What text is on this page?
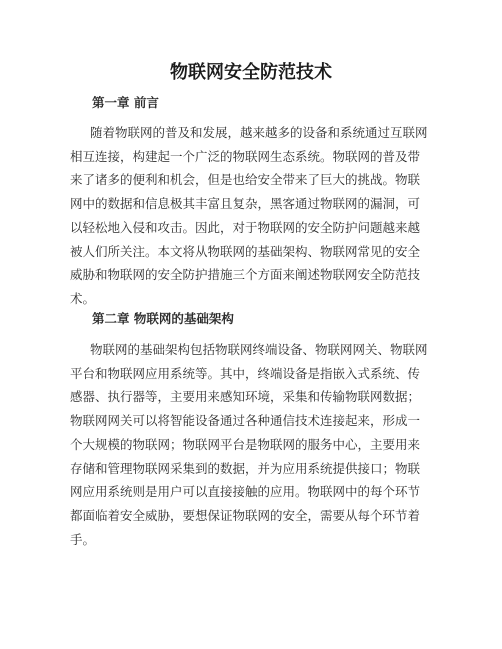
物联网安全防范技术
第一章 前言

随着物联网的普及和发展，越来越多的设备和系统通过互联网
相互连接，构建起一个广泛的物联网生态系统。物联网的普及带
来了诸多的便利和机会，但是也给安全带来了巨大的挑战。物联
网中的数据和信息极其丰富且复杂，黑客通过物联网的漏洞，可
以轻松地入侵和攻击。因此，对于物联网的安全防护问题越来越
被人们所关注。本文将从物联网的基础架构、物联网常见的安全
威胁和物联网的安全防护措施三个方面来阐述物联网安全防范技
术。

第二章 物联网的基础架构

物联网的基础架构包括物联网终端设备、物联网网关、物联网
平台和物联网应用系统等。其中，终端设备是指嵌入式系统、传
感器、执行器等，主要用来感知环境，采集和传输物联网数据；
物联网网关可以将智能设备通过各种通信技术连接起来，形成一
个大规模的物联网；物联网平台是物联网的服务中心，主要用来
存储和管理物联网采集到的数据，并为应用系统提供接口；物联
网应用系统则是用户可以直接接触的应用。物联网中的每个环节
都面临着安全威胁，要想保证物联网的安全，需要从每个环节着
手。
